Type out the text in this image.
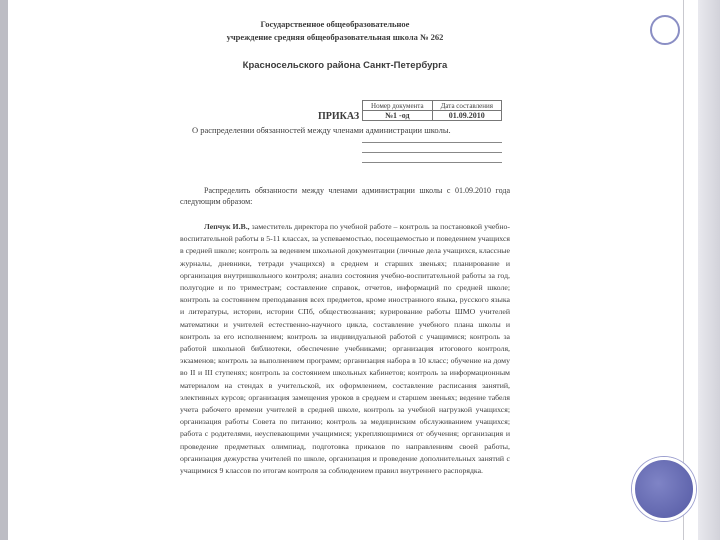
Государственное общеобразовательное
учреждение средняя общеобразовательная школа № 262
Красносельского района Санкт-Петербурга
Номер документа	Дата составления
№1 -од	01.09.2010
ПРИКАЗ
О распределении обязанностей между членами администрации школы.
Распределить обязанности между членами администрации школы с 01.09.2010 года следующим образом:
Лепчук И.В., заместитель директора по учебной работе – контроль за постановкой учебно-воспитательной работы в 5-11 классах, за успеваемостью, посещаемостью и поведением учащихся в средней школе; контроль за ведением школьной документации (личные дела учащихся, классные журналы, дневники, тетради учащихся) в среднем и старших звеньях; планирование и организация внутришкольного контроля; анализ состояния учебно-воспитательной работы за год, полугодие и по триместрам; составление справок, отчетов, информаций по средней школе; контроль за состоянием преподавания всех предметов, кроме иностранного языка, русского языка и литературы, истории, истории СПб, обществознания; курирование работы ШМО учителей математики и учителей естественно-научного цикла, составление учебного плана школы и контроль за его исполнением; контроль за индивидуальной работой с учащимися; контроль за работой школьной библиотеки, обеспечение учебниками; организация итогового контроля, экзаменов; контроль за выполнением программ; организация набора в 10 класс; обучение на дому во II и III ступенях; контроль за состоянием школьных кабинетов; контроль за информационным материалом на стендах в учительской, их оформлением, составление расписания занятий, элективных курсов; организация замещения уроков в среднем и старшем звеньях; ведение табеля учета рабочего времени учителей в средней школе, контроль за учебной нагрузкой учащихся; организация работы Совета по питанию; контроль за медицинским обслуживанием учащихся; работа с родителями, неуспевающими учащимися; укрепляющимися от обучения; организация и проведение предметных олимпиад, подготовка приказов по направлениям своей работы, организация дежурства учителей по школе, организация и проведение дополнительных занятий с учащимися 9 классов по итогам контроля за соблюдением правил внутреннего распорядка.
